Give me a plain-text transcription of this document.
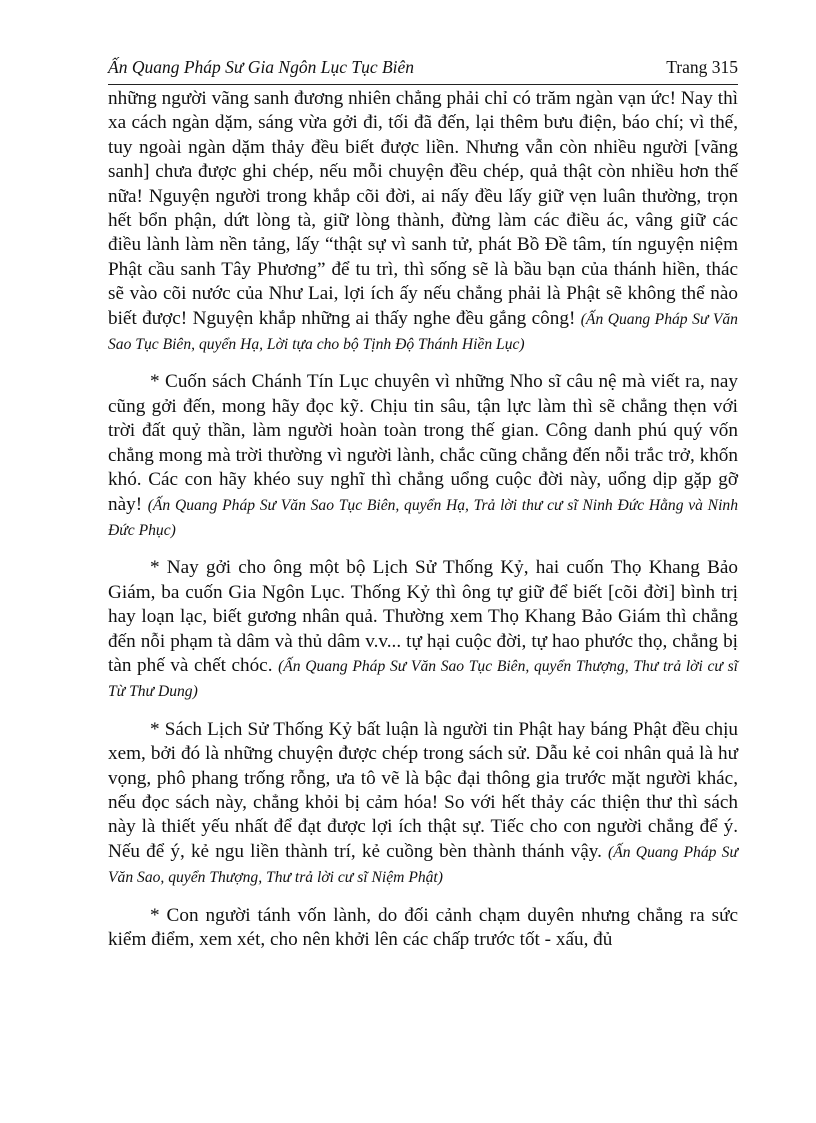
Ấn Quang Pháp Sư Gia Ngôn Lục Tục Biên	Trang 315

những người vãng sanh đương nhiên chẳng phải chỉ có trăm ngàn vạn ức! Nay thì xa cách ngàn dặm, sáng vừa gởi đi, tối đã đến, lại thêm bưu điện, báo chí; vì thế, tuy ngoài ngàn dặm thảy đều biết được liền. Nhưng vẫn còn nhiều người [vãng sanh] chưa được ghi chép, nếu mỗi chuyện đều chép, quả thật còn nhiều hơn thế nữa! Nguyện người trong khắp cõi đời, ai nấy đều lấy giữ vẹn luân thường, trọn hết bổn phận, dứt lòng tà, giữ lòng thành, đừng làm các điều ác, vâng giữ các điều lành làm nền tảng, lấy “thật sự vì sanh tử, phát Bồ Đề tâm, tín nguyện niệm Phật cầu sanh Tây Phương” để tu trì, thì sống sẽ là bầu bạn của thánh hiền, thác sẽ vào cõi nước của Như Lai, lợi ích ấy nếu chẳng phải là Phật sẽ không thể nào biết được! Nguyện khắp những ai thấy nghe đều gắng công! (Ấn Quang Pháp Sư Văn Sao Tục Biên, quyển Hạ, Lời tựa cho bộ Tịnh Độ Thánh Hiền Lục)

* Cuốn sách Chánh Tín Lục chuyên vì những Nho sĩ câu nệ mà viết ra, nay cũng gởi đến, mong hãy đọc kỹ. Chịu tin sâu, tận lực làm thì sẽ chẳng thẹn với trời đất quỷ thần, làm người hoàn toàn trong thế gian. Công danh phú quý vốn chẳng mong mà trời thường vì người lành, chắc cũng chẳng đến nỗi trắc trở, khốn khó. Các con hãy khéo suy nghĩ thì chẳng uổng cuộc đời này, uổng dịp gặp gỡ này! (Ấn Quang Pháp Sư Văn Sao Tục Biên, quyển Hạ, Trả lời thư cư sĩ Ninh Đức Hằng và Ninh Đức Phục)

* Nay gởi cho ông một bộ Lịch Sử Thống Kỷ, hai cuốn Thọ Khang Bảo Giám, ba cuốn Gia Ngôn Lục. Thống Kỷ thì ông tự giữ để biết [cõi đời] bình trị hay loạn lạc, biết gương nhân quả. Thường xem Thọ Khang Bảo Giám thì chẳng đến nỗi phạm tà dâm và thủ dâm v.v... tự hại cuộc đời, tự hao phước thọ, chẳng bị tàn phế và chết chóc. (Ấn Quang Pháp Sư Văn Sao Tục Biên, quyển Thượng, Thư trả lời cư sĩ Từ Thư Dung)

* Sách Lịch Sử Thống Kỷ bất luận là người tin Phật hay báng Phật đều chịu xem, bởi đó là những chuyện được chép trong sách sử. Dẫu kẻ coi nhân quả là hư vọng, phô phang trống rỗng, ưa tô vẽ là bậc đại thông gia trước mặt người khác, nếu đọc sách này, chẳng khỏi bị cảm hóa! So với hết thảy các thiện thư thì sách này là thiết yếu nhất để đạt được lợi ích thật sự. Tiếc cho con người chẳng để ý. Nếu để ý, kẻ ngu liền thành trí, kẻ cuồng bèn thành thánh vậy. (Ấn Quang Pháp Sư Văn Sao, quyển Thượng, Thư trả lời cư sĩ Niệm Phật)

* Con người tánh vốn lành, do đối cảnh chạm duyên nhưng chẳng ra sức kiểm điểm, xem xét, cho nên khởi lên các chấp trước tốt - xấu, đủ
